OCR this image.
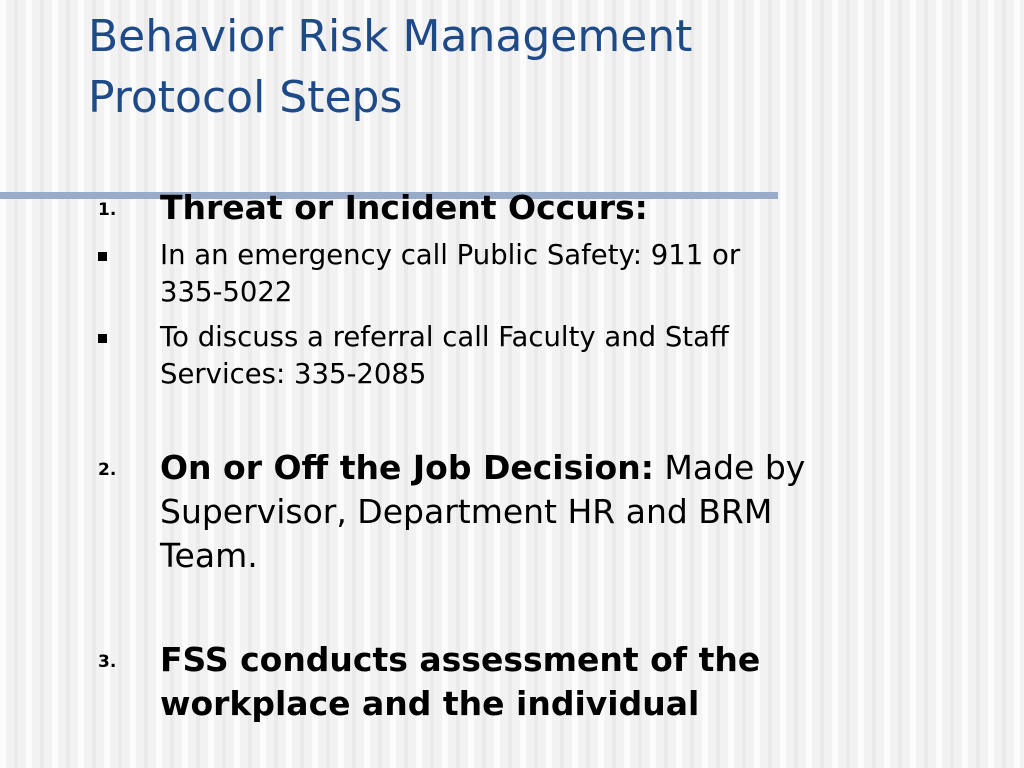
Behavior Risk Management
Protocol Steps
1. Threat or Incident Occurs:
In an emergency call Public Safety: 911 or
335-5022
To discuss a referral call Faculty and Staff
Services: 335-2085
2. On or Off the Job Decision: Made by
Supervisor, Department HR and BRM
Team.
3. FSS conducts assessment of the
workplace and the individual
